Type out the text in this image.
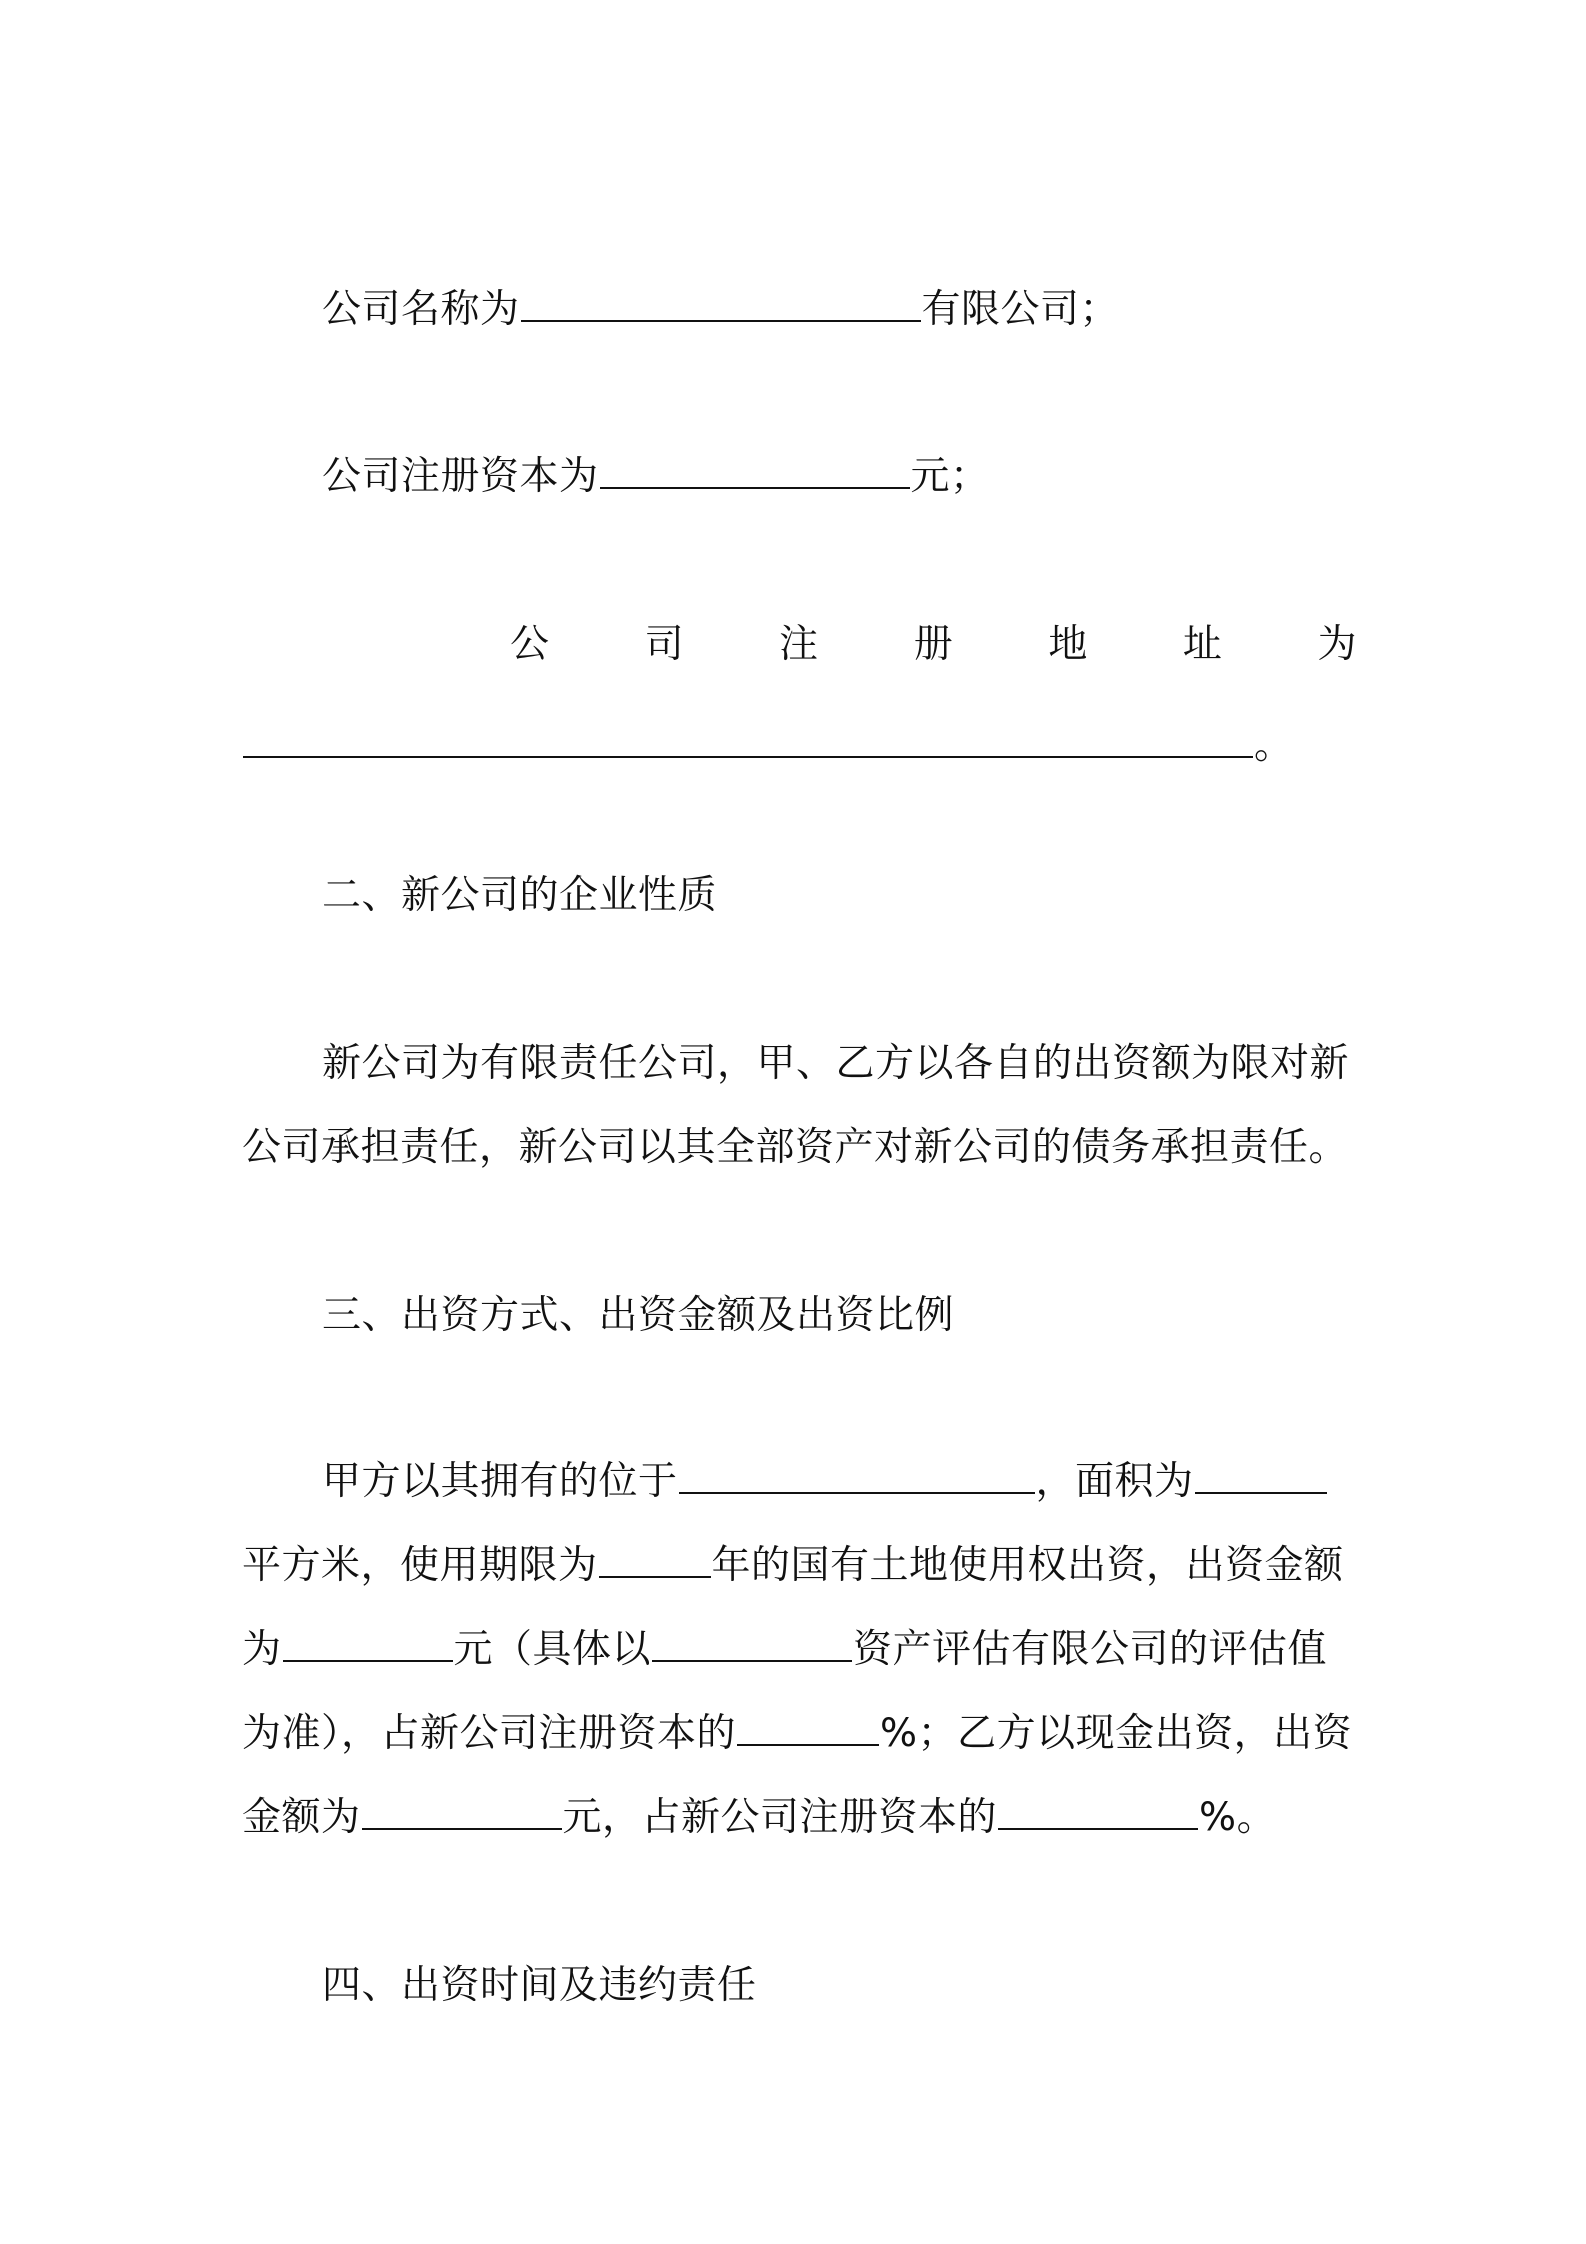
公司名称为	有限公司；
公司注册资本为	元；
公 司 注 册 地 址 为
。
二、新公司的企业性质
新公司为有限责任公司，甲、乙方以各自的出资额为限对新
公司承担责任，新公司以其全部资产对新公司的债务承担责任。
三、出资方式、出资金额及出资比例
甲方以其拥有的位于	，面积为
平方米，使用期限为	年的国有土地使用权出资，出资金额
为	元（具体以	资产评估有限公司的评估值
为准），占新公司注册资本的	%；乙方以现金出资，出资
金额为	元，占新公司注册资本的	%。
四、出资时间及违约责任
